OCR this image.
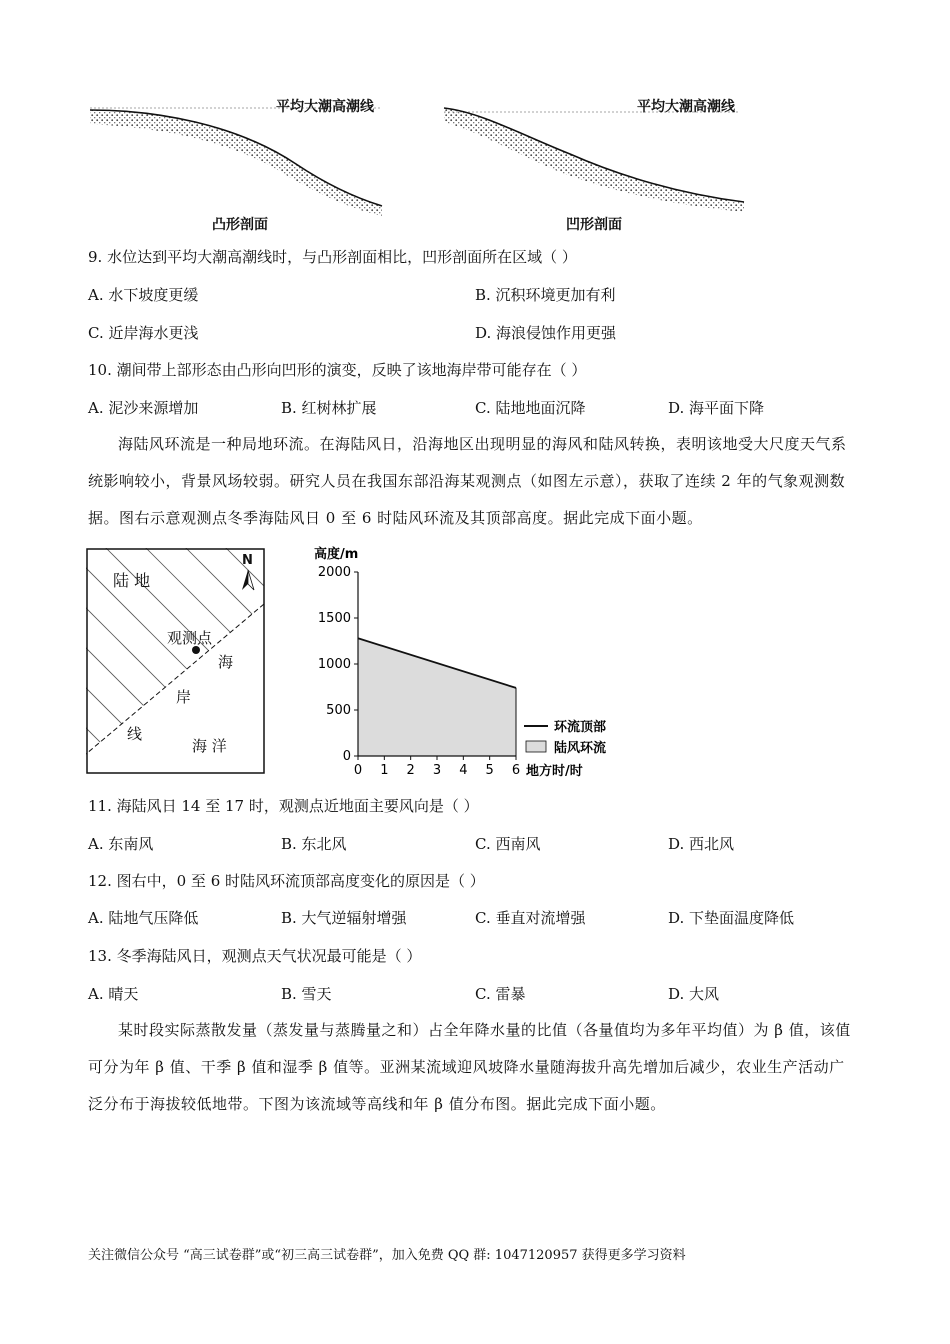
平均大潮高潮线
凸形剖面
平均大潮高潮线
凹形剖面
9. 水位达到平均大潮高潮线时，与凸形剖面相比，凹形剖面所在区域（ ）
A. 水下坡度更缓	B. 沉积环境更加有利
C. 近岸海水更浅	D. 海浪侵蚀作用更强
10. 潮间带上部形态由凸形向凹形的演变，反映了该地海岸带可能存在（ ）
A. 泥沙来源增加	B. 红树林扩展	C. 陆地地面沉降	D. 海平面下降
海陆风环流是一种局地环流。在海陆风日，沿海地区出现明显的海风和陆风转换，表明该地受大尺度天气系统影响较小，背景风场较弱。研究人员在我国东部沿海某观测点（如图左示意），获取了连续 2 年的气象观测数据。图右示意观测点冬季海陆风日 0 至 6 时陆风环流及其顶部高度。据此完成下面小题。
陆 地
N
观测点
海
岸
线
海 洋
高度/m
0
500
1000
1500
2000
0 1 2 3 4 5 6 地方时/时
环流顶部
陆风环流
11. 海陆风日 14 至 17 时，观测点近地面主要风向是（ ）
A. 东南风	B. 东北风	C. 西南风	D. 西北风
12. 图右中，0 至 6 时陆风环流顶部高度变化的原因是（ ）
A. 陆地气压降低	B. 大气逆辐射增强	C. 垂直对流增强	D. 下垫面温度降低
13. 冬季海陆风日，观测点天气状况最可能是（ ）
A. 晴天	B. 雪天	C. 雷暴	D. 大风
某时段实际蒸散发量（蒸发量与蒸腾量之和）占全年降水量的比值（各量值均为多年平均值）为 β 值，该值可分为年 β 值、干季 β 值和湿季 β 值等。亚洲某流域迎风坡降水量随海拔升高先增加后减少，农业生产活动广泛分布于海拔较低地带。下图为该流域等高线和年 β 值分布图。据此完成下面小题。
关注微信公众号 “高三试卷群”或“初三高三试卷群”，加入免费 QQ 群: 1047120957 获得更多学习资料
